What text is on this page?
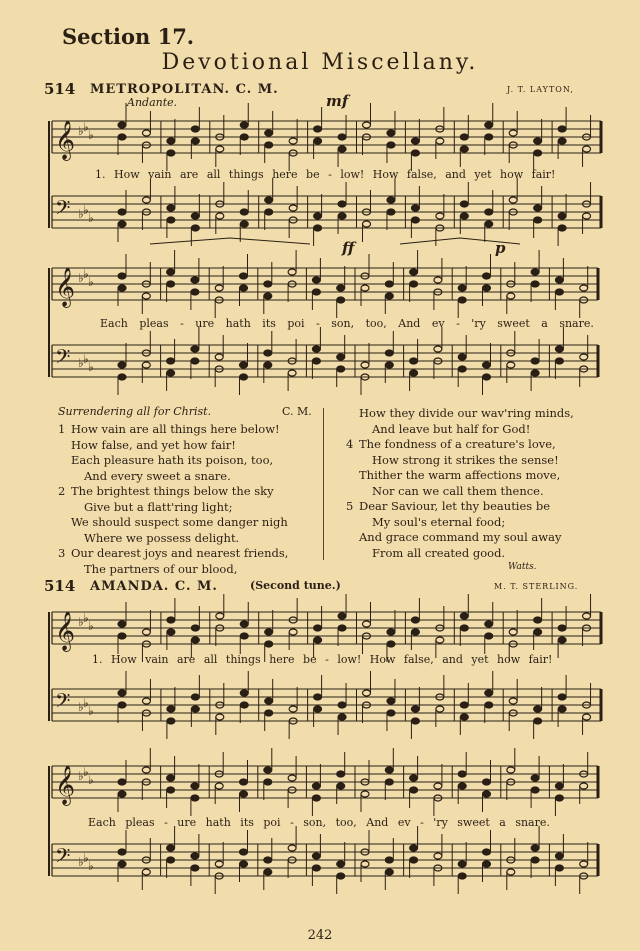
Section 17.
Devotional Miscellany.
514 METROPOLITAN. C. M.	J. T. LAYTON,
Andante.	mf
ff	p
1. How vain are all things here be - low! How false, and yet how fair!
Each pleas - ure hath its poi - son, too, And ev - 'ry sweet a snare.
Surrendering all for Christ.	C. M.
1 How vain are all things here below!
How false, and yet how fair!
Each pleasure hath its poison, too,
And every sweet a snare.
2 The brightest things below the sky
Give but a flatt'ring light;
We should suspect some danger nigh
Where we possess delight.
3 Our dearest joys and nearest friends,
The partners of our blood,
How they divide our wav'ring minds,
And leave but half for God!
4 The fondness of a creature's love,
How strong it strikes the sense!
Thither the warm affections move,
Nor can we call them thence.
5 Dear Saviour, let thy beauties be
My soul's eternal food;
And grace command my soul away
From all created good.
Watts.
514 AMANDA. C. M.	(Second tune.)	M. T. STERLING.
1. How vain are all things here be - low! How false, and yet how fair!
Each pleas - ure hath its poi - son, too, And ev - 'ry sweet a snare.
242
𝄞 ♭ ♭
♭
𝄢 ♭ ♭
♭
𝄞 ♭ ♭
♭
𝄢 ♭ ♭
♭
𝄞 ♭ ♭
♭
𝄢 ♭ ♭
♭
𝄞 ♭ ♭
♭
𝄢 ♭ ♭
♭
